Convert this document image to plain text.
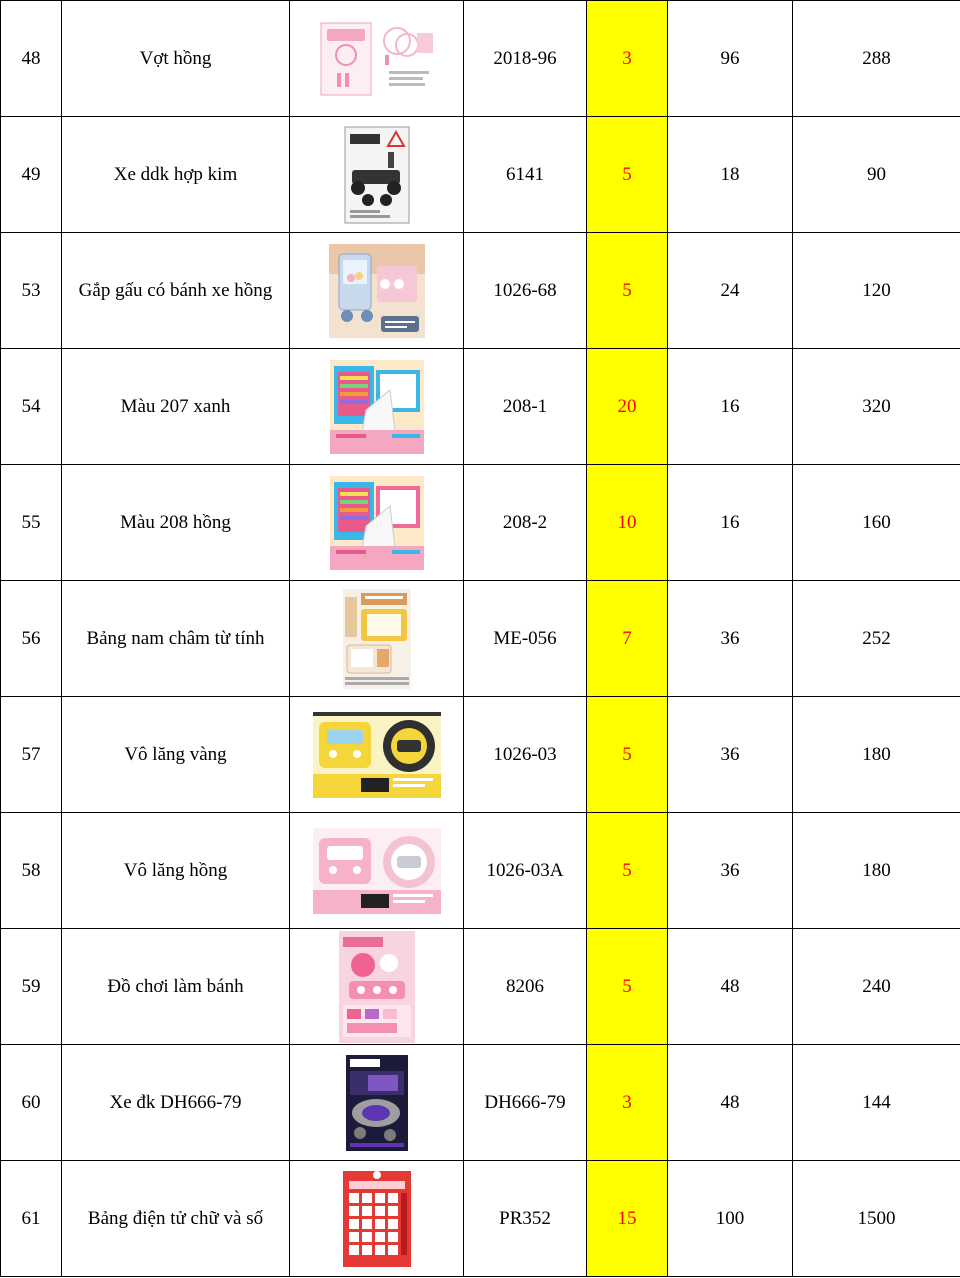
48	Vợt hồng		2018-96	3	96	288
49	Xe ddk hợp kim		6141	5	18	90
53	Gắp gấu có bánh xe hồng		1026-68	5	24	120
54	Màu 207 xanh		208-1	20	16	320
55	Màu 208 hồng		208-2	10	16	160
56	Bảng nam châm từ tính		ME-056	7	36	252
57	Vô lăng vàng		1026-03	5	36	180
58	Vô lăng hồng		1026-03A	5	36	180
59	Đồ chơi làm bánh		8206	5	48	240
60	Xe đk DH666-79		DH666-79	3	48	144
61	Bảng điện tử chữ và số		PR352	15	100	1500
